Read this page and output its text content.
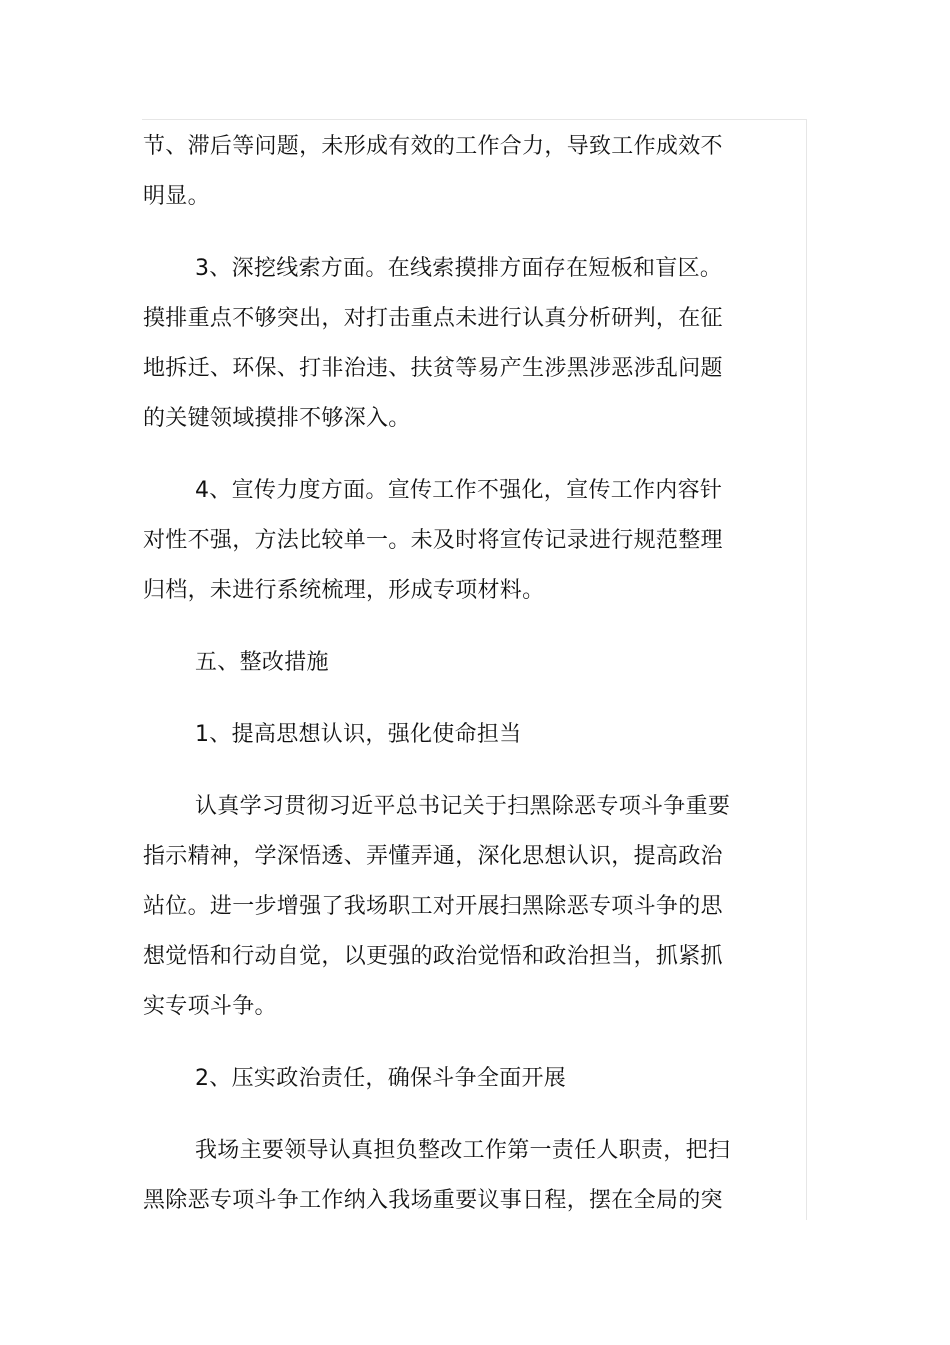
节、滞后等问题，未形成有效的工作合力，导致工作成效不明显。

3、深挖线索方面。在线索摸排方面存在短板和盲区。摸排重点不够突出，对打击重点未进行认真分析研判，在征地拆迁、环保、打非治违、扶贫等易产生涉黑涉恶涉乱问题的关键领域摸排不够深入。

4、宣传力度方面。宣传工作不强化，宣传工作内容针对性不强，方法比较单一。未及时将宣传记录进行规范整理归档，未进行系统梳理，形成专项材料。

五、整改措施

1、提高思想认识，强化使命担当

认真学习贯彻习近平总书记关于扫黑除恶专项斗争重要指示精神，学深悟透、弄懂弄通，深化思想认识，提高政治站位。进一步增强了我场职工对开展扫黑除恶专项斗争的思想觉悟和行动自觉，以更强的政治觉悟和政治担当，抓紧抓实专项斗争。

2、压实政治责任，确保斗争全面开展

我场主要领导认真担负整改工作第一责任人职责，把扫黑除恶专项斗争工作纳入我场重要议事日程，摆在全局的突
